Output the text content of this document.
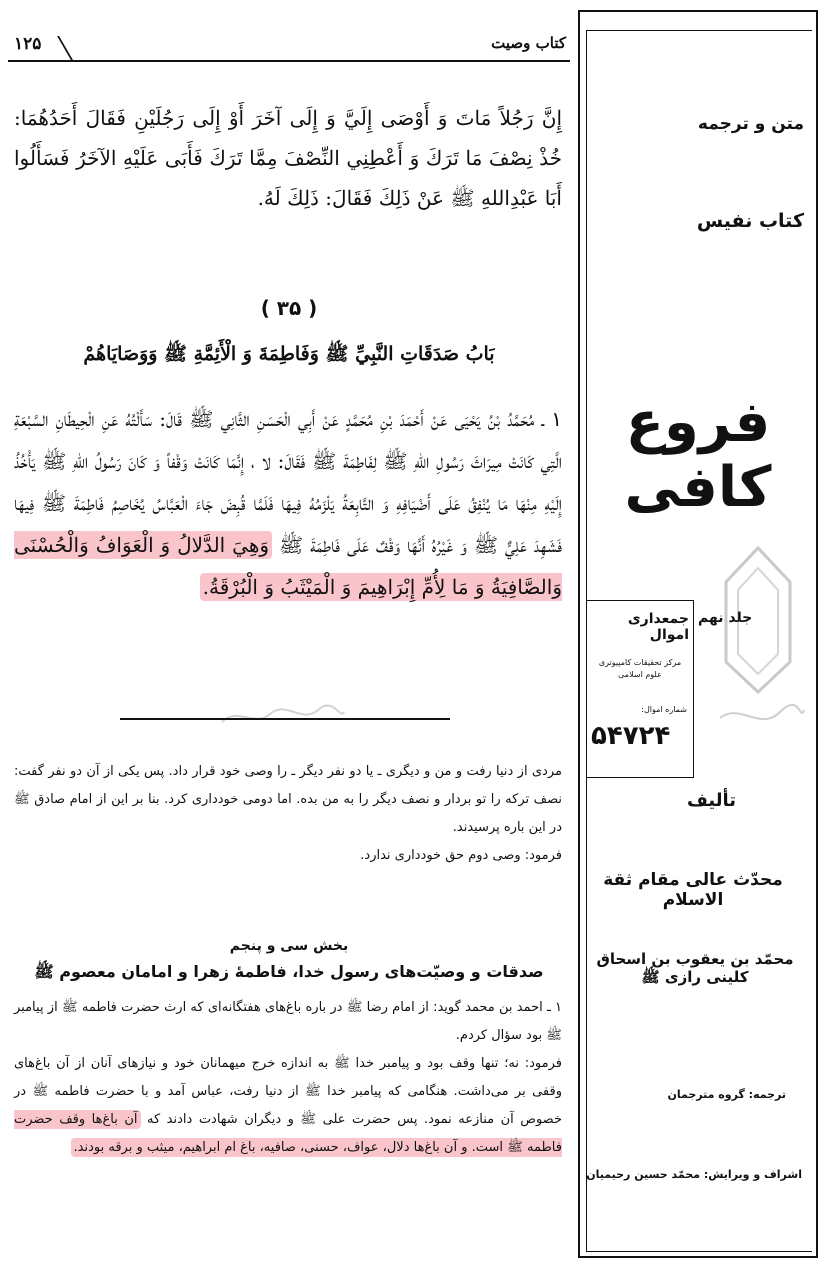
کتاب وصیت
۱۲۵
إِنَّ رَجُلاً مَاتَ وَ أَوْصَى إِلَيَّ وَ إِلَى آخَرَ أَوْ إِلَى رَجُلَيْنِ فَقَالَ أَحَدُهُمَا: خُذْ نِصْفَ مَا تَرَكَ وَ أَعْطِنِي النِّصْفَ مِمَّا تَرَكَ فَأَبَى عَلَيْهِ الآخَرُ فَسَأَلُوا أَبَا عَبْدِاللهِ ﷺ عَنْ ذَلِكَ فَقَالَ: ذَلِكَ لَهُ.
( ۳۵ )
بَابُ صَدَقَاتِ النَّبِيِّ ﷺ وَفَاطِمَةَ وَ الْأَئِمَّةِ ﷺ وَوَصَايَاهُمْ
١ ـ مُحَمَّدُ بْنُ يَحْيَى عَنْ أَحْمَدَ بْنِ مُحَمَّدٍ عَنْ أَبِي الْحَسَنِ الثَّانِي ﷺ قَالَ: سَأَلْتُهُ عَنِ الْحِيطَانِ السَّبْعَةِ الَّتِي كَانَتْ مِيرَاثَ رَسُولِ اللهِ ﷺ لِفَاطِمَةَ ﷺ فَقَالَ: لا ، إِنَّمَا كَانَتْ وَقْفاً وَ كَانَ رَسُولُ اللهِ ﷺ يَأْخُذُ إِلَيْهِ مِنْهَا مَا يُنْفِقُ عَلَى أَضْيَافِهِ وَ التَّابِعَةُ يَلْزَمُهُ فِيهَا فَلَمَّا قُبِضَ جَاءَ الْعَبَّاسُ يُخَاصِمُ فَاطِمَةَ ﷺ فِيهَا فَشَهِدَ عَلِيٌّ ﷺ وَ غَيْرُهُ أَنَّهَا وَقْفٌ عَلَى فَاطِمَةَ ﷺ وَهِيَ الدَّلالُ وَ الْعَوَافُ وَالْحُسْنَى وَالصَّافِيَةُ وَ مَا لِأُمِّ إِبْرَاهِيمَ وَ الْمَيْثَبُ وَ الْبُرْقَةُ.
مردی از دنیا رفت و من و دیگری ـ یا دو نفر دیگر ـ را وصی خود قرار داد. پس یکی از آن دو نفر گفت: نصف ترکه را تو بردار و نصف دیگر را به من بده. اما دومی خودداری کرد. بنا بر این از امام صادق ﷺ در این باره پرسیدند.
فرمود: وصی دوم حق خودداری ندارد.
بخش سی و پنجم
صدقات و وصیّت‌های رسول خدا، فاطمهٔ زهرا و امامان معصوم ﷺ
١ ـ احمد بن محمد گوید: از امام رضا ﷺ در باره باغ‌های هفتگانه‌ای که ارث حضرت فاطمه ﷺ از پیامبر ﷺ بود سؤال کردم.
فرمود: نه؛ تنها وقف بود و پیامبر خدا ﷺ به اندازه خرج میهمانان خود و نیازهای آنان از آن باغ‌های وقفی بر می‌داشت. هنگامی که پیامبر خدا ﷺ از دنیا رفت، عباس آمد و با حضرت فاطمه ﷺ در خصوص آن منازعه نمود. پس حضرت علی ﷺ و دیگران شهادت دادند که آن باغ‌ها وقف حضرت فاطمه ﷺ است. و آن باغ‌ها دلال، عواف، حسنی، صافیه، باغ ام ابراهیم، میثب و برقه بودند.
متن و ترجمه
کتاب نفیس
فروع کافی
جلد نهم
جمعداری اموال
مرکز تحقیقات کامپیوتری علوم اسلامی
شماره اموال:
۵۴۷۲۴
تألیف
محدّث عالی مقام ثقة الاسلام
محمّد بن یعقوب بن اسحاق کلینی رازی ﷺ
ترجمه: گروه مترجمان
اشراف و ویرایش: محمّد حسین رحیمیان
